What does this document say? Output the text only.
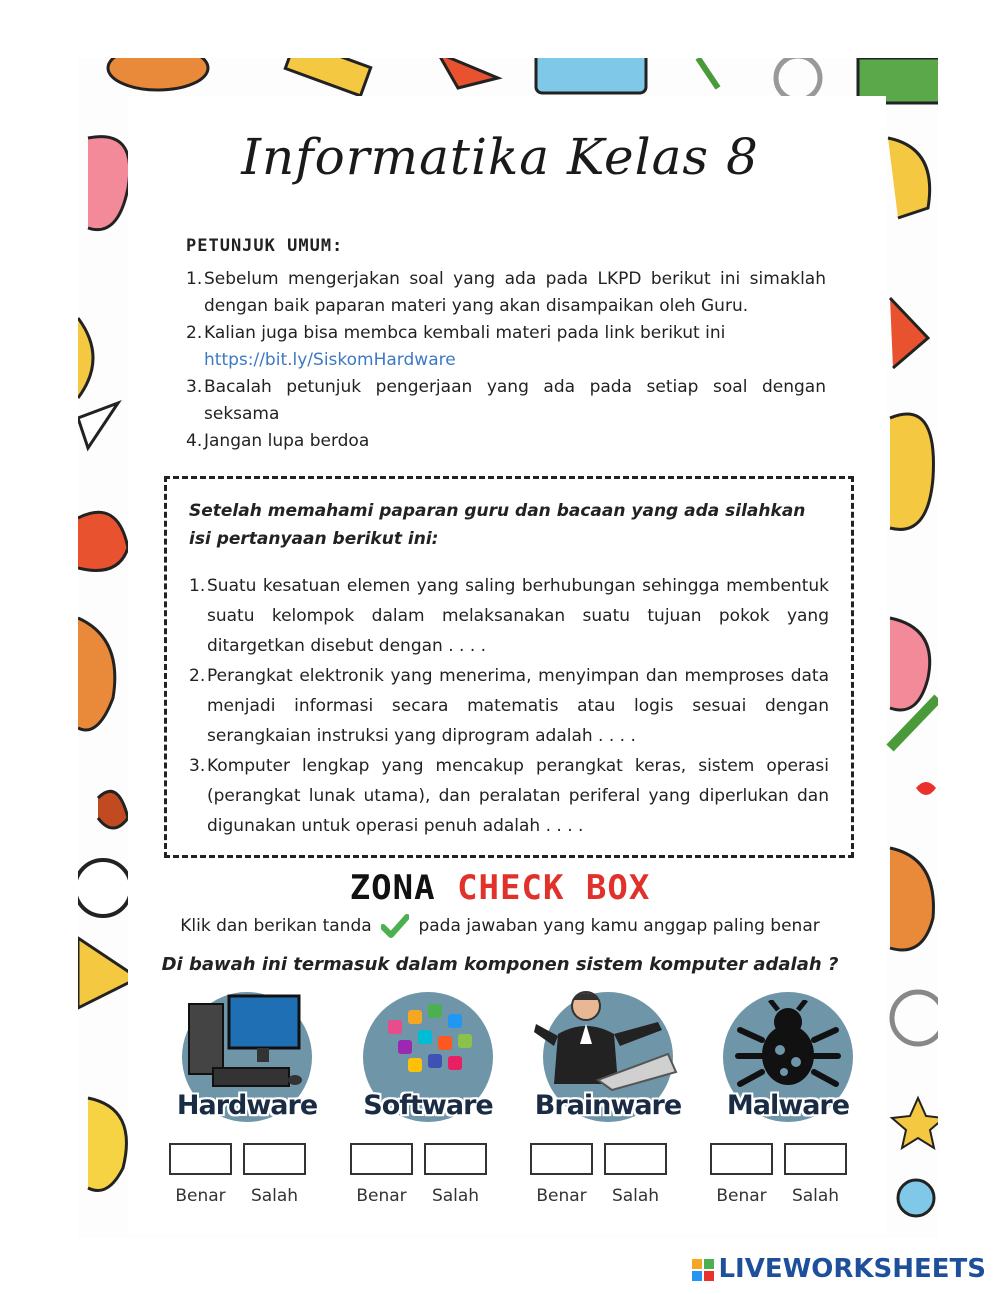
Informatika Kelas 8
PETUNJUK UMUM:
1. Sebelum mengerjakan soal yang ada pada LKPD berikut ini simaklah dengan baik paparan materi yang akan disampaikan oleh Guru.
2. Kalian juga bisa membca kembali materi pada link berikut ini
https://bit.ly/SiskomHardware
3. Bacalah petunjuk pengerjaan yang ada pada setiap soal dengan seksama
4. Jangan lupa berdoa
Setelah memahami paparan guru dan bacaan yang ada silahkan isi pertanyaan berikut ini:
1. Suatu kesatuan elemen yang saling berhubungan sehingga membentuk suatu kelompok dalam melaksanakan suatu tujuan pokok yang ditargetkan disebut dengan . . . .
2. Perangkat elektronik yang menerima, menyimpan dan memproses data menjadi informasi secara matematis atau logis sesuai dengan serangkaian instruksi yang diprogram adalah . . . .
3. Komputer lengkap yang mencakup perangkat keras, sistem operasi (perangkat lunak utama), dan peralatan periferal yang diperlukan dan digunakan untuk operasi penuh adalah . . . .
ZONA CHECK BOX
Klik dan berikan tanda	pada jawaban yang kamu anggap paling benar
Di bawah ini termasuk dalam komponen sistem komputer adalah ?
Hardware
Benar	Salah
Software
Benar	Salah
Brainware
Benar	Salah
Malware
Benar	Salah
LIVEWORKSHEETS
